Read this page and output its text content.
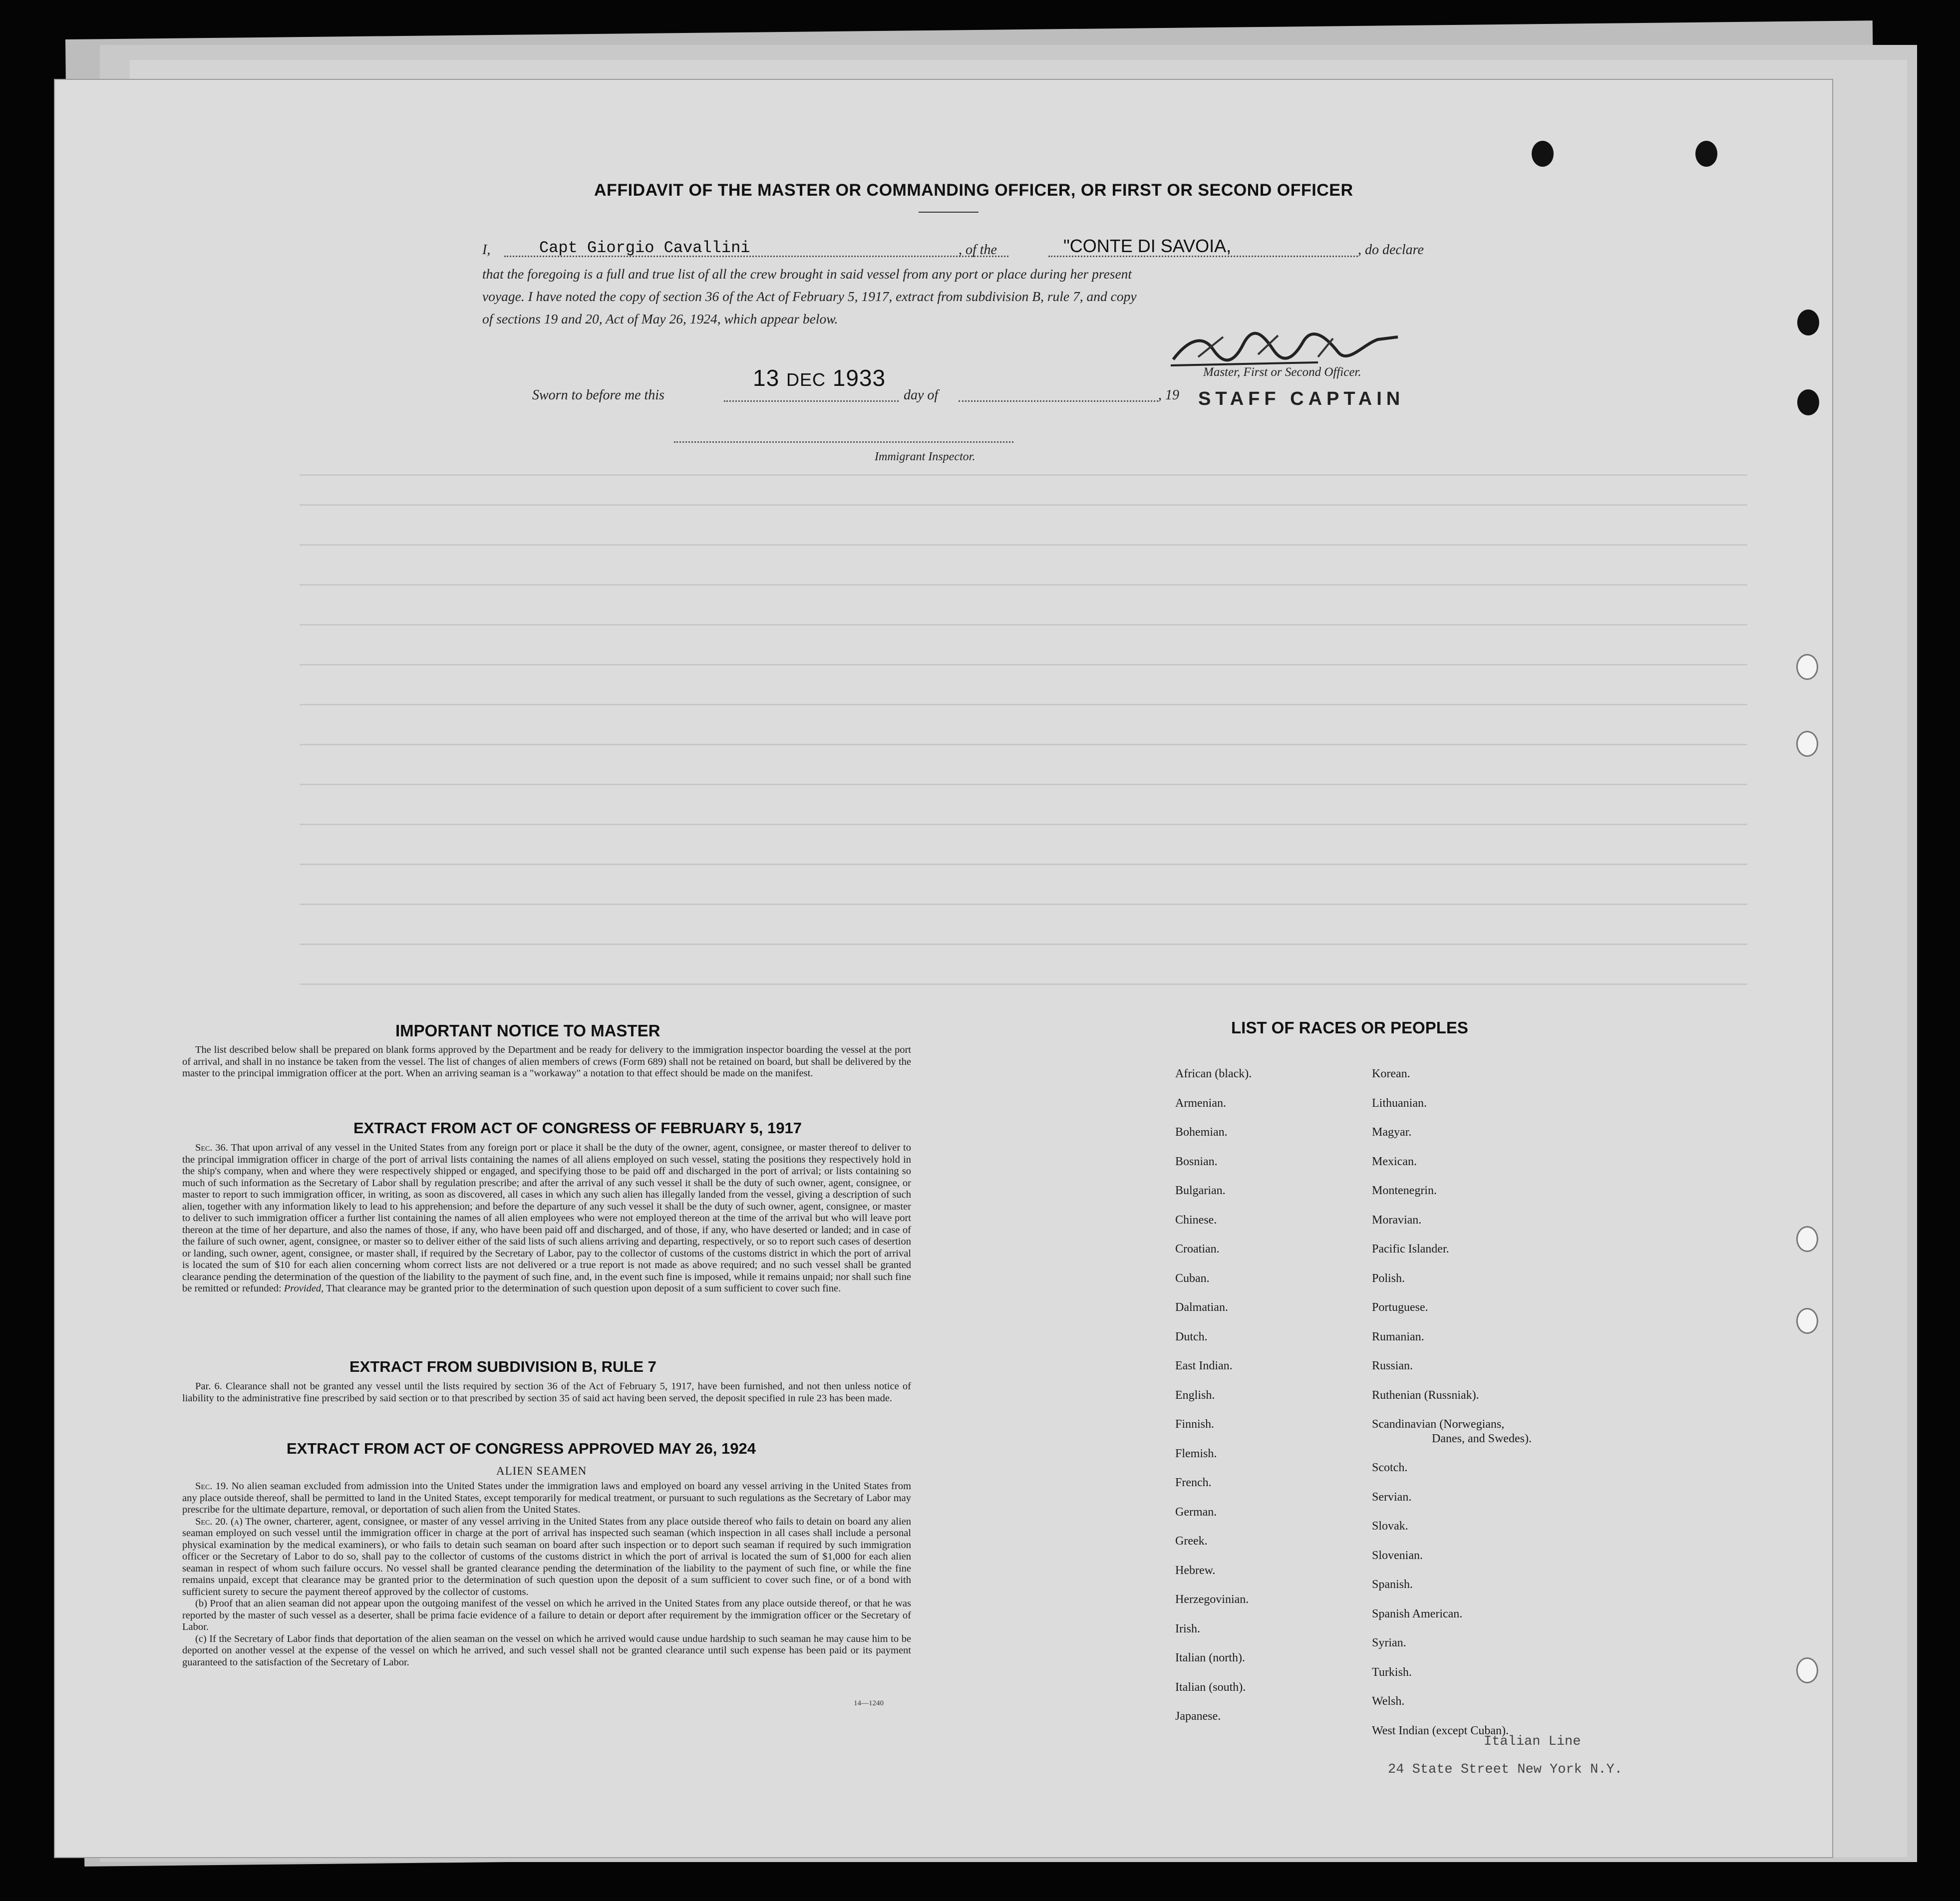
AFFIDAVIT OF THE MASTER OR COMMANDING OFFICER, OR FIRST OR SECOND OFFICER
I,	Capt Giorgio Cavallini	, of the	"CONTE DI SAVOIA,	, do declare
that the foregoing is a full and true list of all the crew brought in said vessel from any port or place during her present
voyage. I have noted the copy of section 36 of the Act of February 5, 1917, extract from subdivision B, rule 7, and copy
of sections 19 and 20, Act of May 26, 1924, which appear below.
Master, First or Second Officer.
STAFF CAPTAIN
Sworn to before me this
13 DEC 1933
day of	, 19
Immigrant Inspector.
IMPORTANT NOTICE TO MASTER
The list described below shall be prepared on blank forms approved by the Department and be ready for delivery to the immigration inspector boarding the vessel at the port of arrival, and shall in no instance be taken from the vessel. The list of changes of alien members of crews (Form 689) shall not be retained on board, but shall be delivered by the master to the principal immigration officer at the port. When an arriving seaman is a "workaway" a notation to that effect should be made on the manifest.
EXTRACT FROM ACT OF CONGRESS OF FEBRUARY 5, 1917
Sec. 36. That upon arrival of any vessel in the United States from any foreign port or place it shall be the duty of the owner, agent, consignee, or master thereof to deliver to the principal immigration officer in charge of the port of arrival lists containing the names of all aliens employed on such vessel, stating the positions they respectively hold in the ship's company, when and where they were respectively shipped or engaged, and specifying those to be paid off and discharged in the port of arrival; or lists containing so much of such information as the Secretary of Labor shall by regulation prescribe; and after the arrival of any such vessel it shall be the duty of such owner, agent, consignee, or master to report to such immigration officer, in writing, as soon as discovered, all cases in which any such alien has illegally landed from the vessel, giving a description of such alien, together with any information likely to lead to his apprehension; and before the departure of any such vessel it shall be the duty of such owner, agent, consignee, or master to deliver to such immigration officer a further list containing the names of all alien employees who were not employed thereon at the time of the arrival but who will leave port thereon at the time of her departure, and also the names of those, if any, who have been paid off and discharged, and of those, if any, who have deserted or landed; and in case of the failure of such owner, agent, consignee, or master so to deliver either of the said lists of such aliens arriving and departing, respectively, or so to report such cases of desertion or landing, such owner, agent, consignee, or master shall, if required by the Secretary of Labor, pay to the collector of customs of the customs district in which the port of arrival is located the sum of $10 for each alien concerning whom correct lists are not delivered or a true report is not made as above required; and no such vessel shall be granted clearance pending the determination of the question of the liability to the payment of such fine, and, in the event such fine is imposed, while it remains unpaid; nor shall such fine be remitted or refunded: Provided, That clearance may be granted prior to the determination of such question upon deposit of a sum sufficient to cover such fine.
EXTRACT FROM SUBDIVISION B, RULE 7
Par. 6. Clearance shall not be granted any vessel until the lists required by section 36 of the Act of February 5, 1917, have been furnished, and not then unless notice of liability to the administrative fine prescribed by said section or to that prescribed by section 35 of said act having been served, the deposit specified in rule 23 has been made.
EXTRACT FROM ACT OF CONGRESS APPROVED MAY 26, 1924
ALIEN SEAMEN
Sec. 19. No alien seaman excluded from admission into the United States under the immigration laws and employed on board any vessel arriving in the United States from any place outside thereof, shall be permitted to land in the United States, except temporarily for medical treatment, or pursuant to such regulations as the Secretary of Labor may prescribe for the ultimate departure, removal, or deportation of such alien from the United States.
Sec. 20. (a) The owner, charterer, agent, consignee, or master of any vessel arriving in the United States from any place outside thereof who fails to detain on board any alien seaman employed on such vessel until the immigration officer in charge at the port of arrival has inspected such seaman (which inspection in all cases shall include a personal physical examination by the medical examiners), or who fails to detain such seaman on board after such inspection or to deport such seaman if required by such immigration officer or the Secretary of Labor to do so, shall pay to the collector of customs of the customs district in which the port of arrival is located the sum of $1,000 for each alien seaman in respect of whom such failure occurs. No vessel shall be granted clearance pending the determination of the liability to the payment of such fine, or while the fine remains unpaid, except that clearance may be granted prior to the determination of such question upon the deposit of a sum sufficient to cover such fine, or of a bond with sufficient surety to secure the payment thereof approved by the collector of customs.
(b) Proof that an alien seaman did not appear upon the outgoing manifest of the vessel on which he arrived in the United States from any place outside thereof, or that he was reported by the master of such vessel as a deserter, shall be prima facie evidence of a failure to detain or deport after requirement by the immigration officer or the Secretary of Labor.
(c) If the Secretary of Labor finds that deportation of the alien seaman on the vessel on which he arrived would cause undue hardship to such seaman he may cause him to be deported on another vessel at the expense of the vessel on which he arrived, and such vessel shall not be granted clearance until such expense has been paid or its payment guaranteed to the satisfaction of the Secretary of Labor.
14—1240
LIST OF RACES OR PEOPLES
African (black).
Armenian.
Bohemian.
Bosnian.
Bulgarian.
Chinese.
Croatian.
Cuban.
Dalmatian.
Dutch.
East Indian.
English.
Finnish.
Flemish.
French.
German.
Greek.
Hebrew.
Herzegovinian.
Irish.
Italian (north).
Italian (south).
Japanese.
Korean.
Lithuanian.
Magyar.
Mexican.
Montenegrin.
Moravian.
Pacific Islander.
Polish.
Portuguese.
Rumanian.
Russian.
Ruthenian (Russniak).
Scandinavian (Norwegians,
Danes, and Swedes).
Scotch.
Servian.
Slovak.
Slovenian.
Spanish.
Spanish American.
Syrian.
Turkish.
Welsh.
West Indian (except Cuban).
Italian Line
24 State Street New York N.Y.
